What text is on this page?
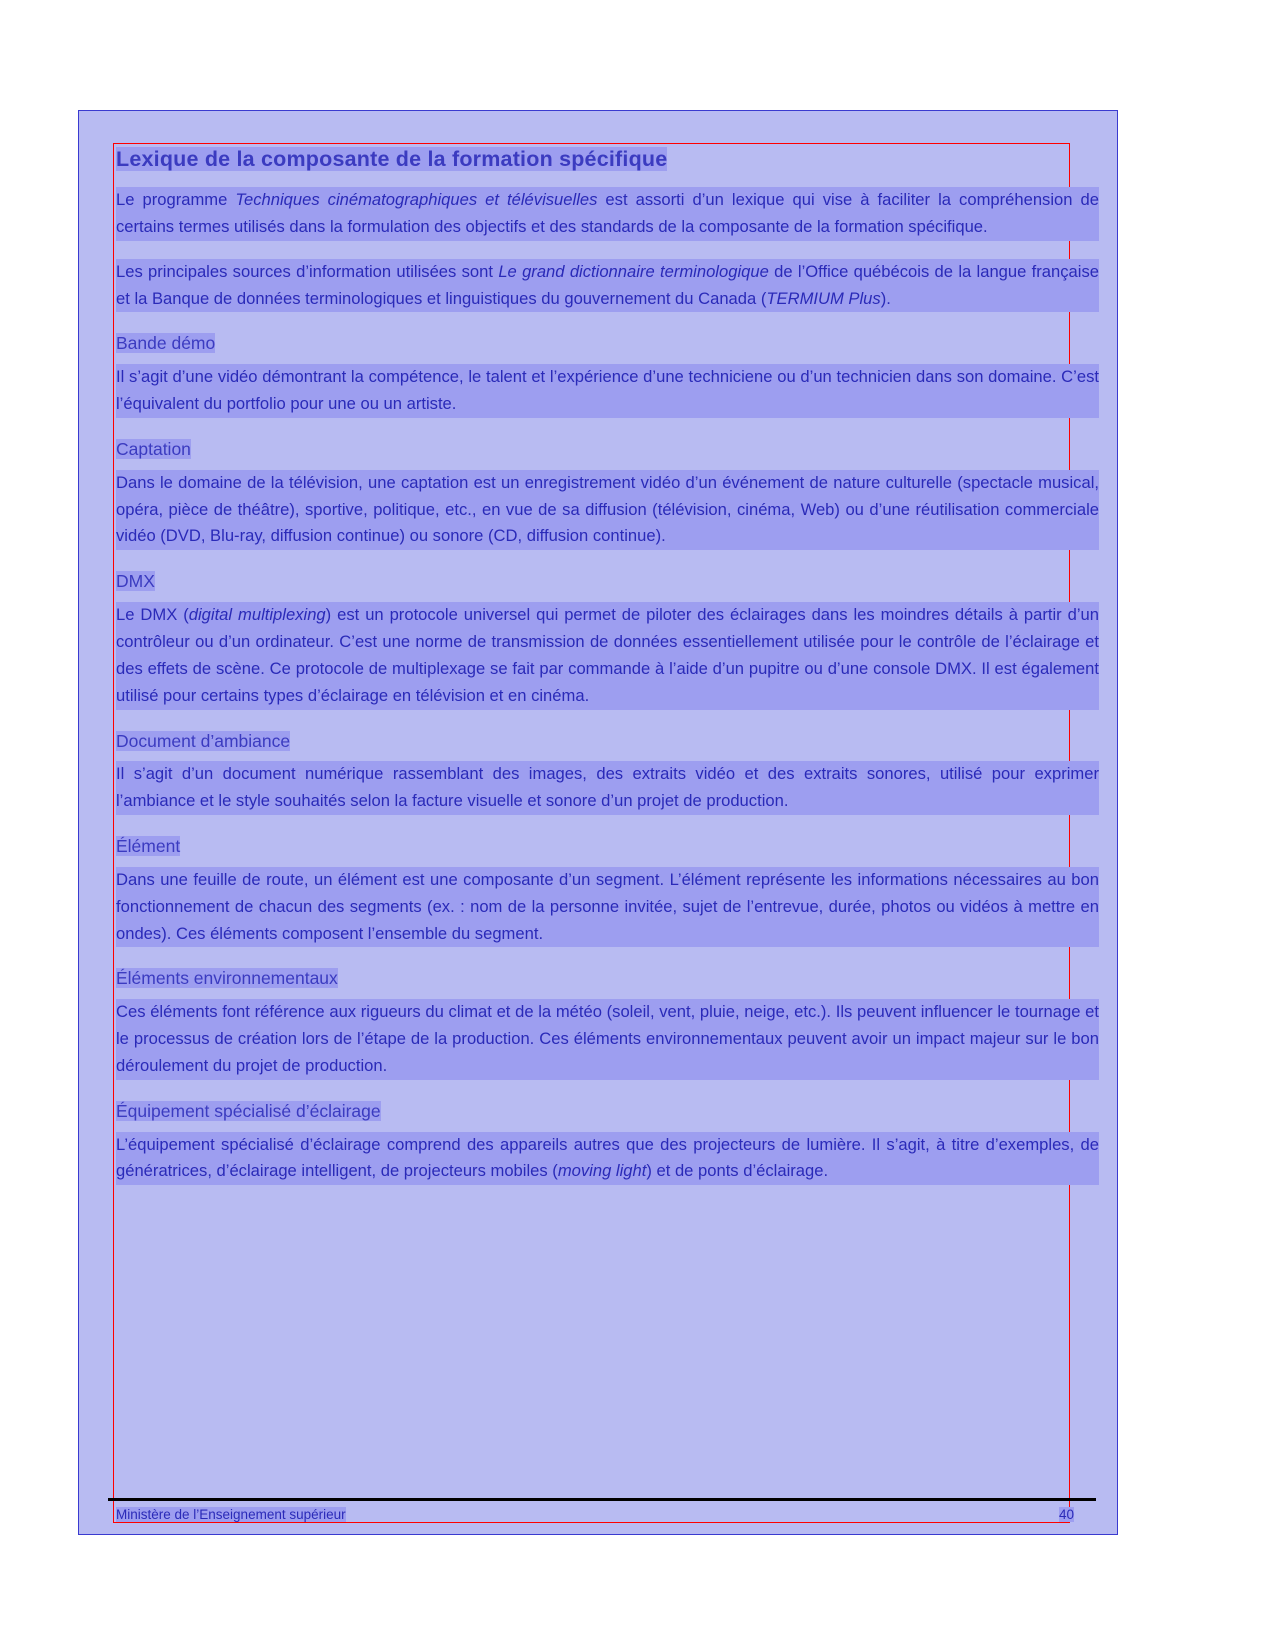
Lexique de la composante de la formation spécifique

Le programme Techniques cinématographiques et télévisuelles est assorti d’un lexique qui vise à faciliter la compréhension de certains termes utilisés dans la formulation des objectifs et des standards de la composante de la formation spécifique.

Les principales sources d’information utilisées sont Le grand dictionnaire terminologique de l’Office québécois de la langue française et la Banque de données terminologiques et linguistiques du gouvernement du Canada (TERMIUM Plus).

Bande démo

Il s’agit d’une vidéo démontrant la compétence, le talent et l’expérience d’une techniciene ou d’un technicien dans son domaine. C’est l’équivalent du portfolio pour une ou un artiste.

Captation

Dans le domaine de la télévision, une captation est un enregistrement vidéo d’un événement de nature culturelle (spectacle musical, opéra, pièce de théâtre), sportive, politique, etc., en vue de sa diffusion (télévision, cinéma, Web) ou d’une réutilisation commerciale vidéo (DVD, Blu-ray, diffusion continue) ou sonore (CD, diffusion continue).

DMX

Le DMX (digital multiplexing) est un protocole universel qui permet de piloter des éclairages dans les moindres détails à partir d’un contrôleur ou d’un ordinateur. C’est une norme de transmission de données essentiellement utilisée pour le contrôle de l’éclairage et des effets de scène. Ce protocole de multiplexage se fait par commande à l’aide d’un pupitre ou d’une console DMX. Il est également utilisé pour certains types d’éclairage en télévision et en cinéma.

Document d’ambiance

Il s’agit d’un document numérique rassemblant des images, des extraits vidéo et des extraits sonores, utilisé pour exprimer l’ambiance et le style souhaités selon la facture visuelle et sonore d’un projet de production.

Élément

Dans une feuille de route, un élément est une composante d’un segment. L’élément représente les informations nécessaires au bon fonctionnement de chacun des segments (ex. : nom de la personne invitée, sujet de l’entrevue, durée, photos ou vidéos à mettre en ondes). Ces éléments composent l’ensemble du segment.

Éléments environnementaux

Ces éléments font référence aux rigueurs du climat et de la météo (soleil, vent, pluie, neige, etc.). Ils peuvent influencer le tournage et le processus de création lors de l’étape de la production. Ces éléments environnementaux peuvent avoir un impact majeur sur le bon déroulement du projet de production.

Équipement spécialisé d’éclairage

L’équipement spécialisé d’éclairage comprend des appareils autres que des projecteurs de lumière. Il s’agit, à titre d’exemples, de génératrices, d’éclairage intelligent, de projecteurs mobiles (moving light) et de ponts d’éclairage.

Ministère de l’Enseignement supérieur	40
